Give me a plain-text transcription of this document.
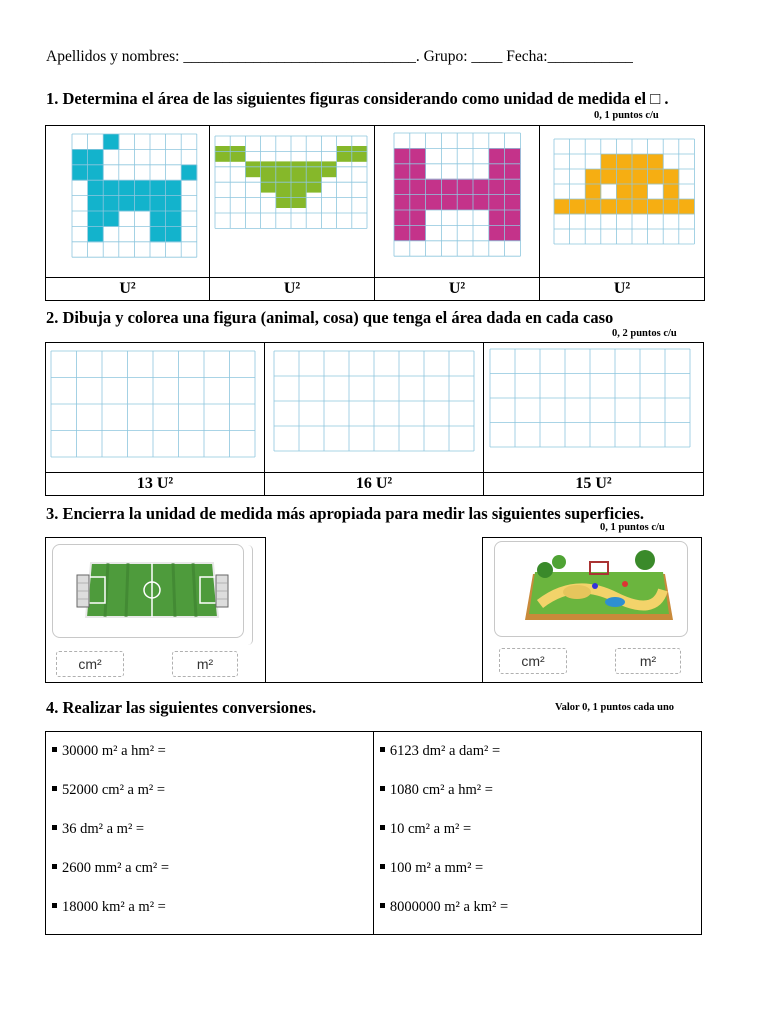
Apellidos y nombres: ______________________________. Grupo: ____ Fecha:___________
1. Determina el área de las siguientes figuras considerando como unidad de medida el □ .
0, 1 puntos c/u

U²	U²	U²	U²
2. Dibuja y colorea una figura (animal, cosa) que tenga el área dada en cada caso
0, 2 puntos c/u

13 U²	16 U²	15 U²
3. Encierra la unidad de medida más apropiada para medir las siguientes superficies.
0, 1 puntos c/u
cm²	m²	cm²	m²
4. Realizar las siguientes conversiones.	Valor 0, 1 puntos cada uno
30000 m² a hm² =
52000 cm² a m² =
36 dm² a m² =
2600 mm² a cm² =
18000 km² a m² =

6123 dm² a dam² =
1080 cm² a hm² =
10 cm² a m² =
100 m² a mm² =
8000000 m² a km² =
